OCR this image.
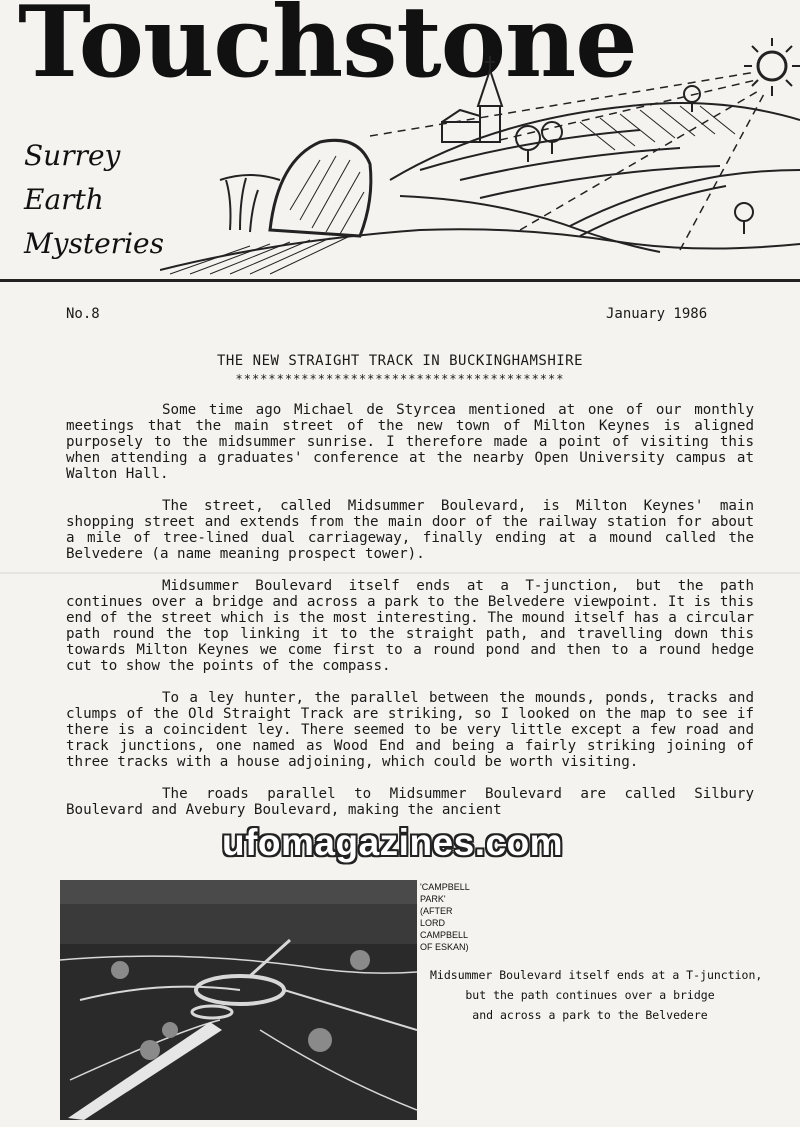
Touchstone
Surrey
Earth
Mysteries
No.8	January 1986
THE NEW STRAIGHT TRACK IN BUCKINGHAMSHIRE
****************************************

Some time ago Michael de Styrcea mentioned at one of our monthly meetings that the main street of the new town of Milton Keynes is aligned purposely to the midsummer sunrise. I therefore made a point of visiting this when attending a graduates' conference at the nearby Open University campus at Walton Hall.

The street, called Midsummer Boulevard, is Milton Keynes' main shopping street and extends from the main door of the railway station for about a mile of tree-lined dual carriageway, finally ending at a mound called the Belvedere (a name meaning prospect tower).

Midsummer Boulevard itself ends at a T-junction, but the path continues over a bridge and across a park to the Belvedere viewpoint. It is this end of the street which is the most interesting. The mound itself has a circular path round the top linking it to the straight path, and travelling down this towards Milton Keynes we come first to a round pond and then to a round hedge cut to show the points of the compass.

To a ley hunter, the parallel between the mounds, ponds, tracks and clumps of the Old Straight Track are striking, so I looked on the map to see if there is a coincident ley. There seemed to be very little except a few road and track junctions, one named as Wood End and being a fairly striking joining of three tracks with a house adjoining, which could be worth visiting.

The roads parallel to Midsummer Boulevard are called Silbury Boulevard and Avebury Boulevard, making the ancient

ufomagazines.com
'CAMPBELL
PARK'
(AFTER
LORD
CAMPBELL
OF ESKAN)
Midsummer Boulevard itself ends at a T-junction,
but the path continues over a bridge
and across a park to the Belvedere
